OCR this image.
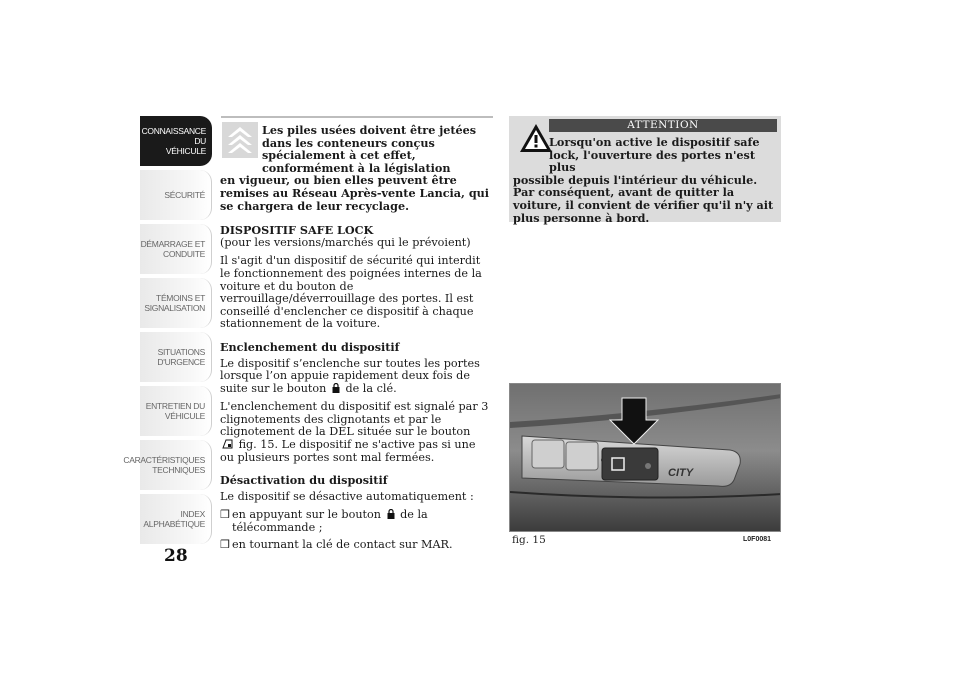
CONNAISSANCE DU
VÉHICULE
SÉCURITÉ
DÉMARRAGE ET
CONDUITE
TÉMOINS ET
SIGNALISATION
SITUATIONS
D'URGENCE
ENTRETIEN DU
VÉHICULE
CARACTÉRISTIQUES
TECHNIQUES
INDEX
ALPHABÉTIQUE
28
Les piles usées doivent être jetées dans les conteneurs conçus spécialement à cet effet, conformément à la législation
en vigueur, ou bien elles peuvent être remises au Réseau Après-vente Lancia, qui se chargera de leur recyclage.
DISPOSITIF SAFE LOCK

(pour les versions/marchés qui le prévoient)

Il s'agit d'un dispositif de sécurité qui interdit le fonctionnement des poignées internes de la voiture et du bouton de verrouillage/déverrouillage des portes. Il est conseillé d'enclencher ce dispositif à chaque stationnement de la voiture.

Enclenchement du dispositif

Le dispositif s’enclenche sur toutes les portes lorsque l’on appuie rapidement deux fois de suite sur le bouton de la clé.

L'enclenchement du dispositif est signalé par 3 clignotements des clignotants et par le clignotement de la DEL située sur le bouton
fig. 15. Le dispositif ne s'active pas si une ou plusieurs portes sont mal fermées.

Désactivation du dispositif

Le dispositif se désactive automatiquement :

❒ en appuyant sur le bouton de la télécommande ;
❒ en tournant la clé de contact sur MAR.
ATTENTION
Lorsqu'on active le dispositif safe lock, l'ouverture des portes n'est plus
possible depuis l'intérieur du véhicule. Par conséquent, avant de quitter la voiture, il convient de vérifier qu'il n'y ait plus personne à bord.
CITY
fig. 15	L0F0081
